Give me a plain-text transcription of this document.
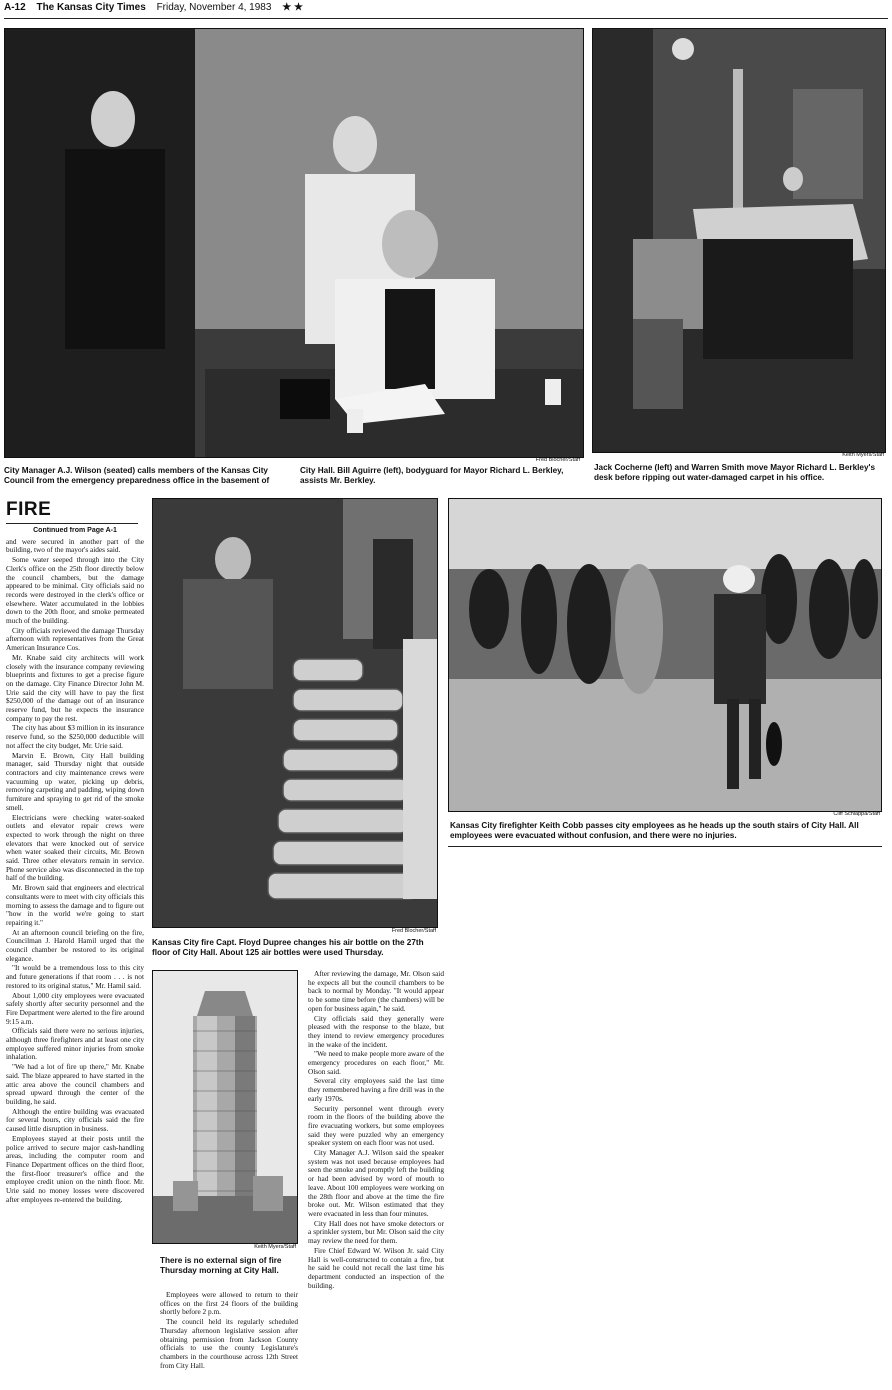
A-12 The Kansas City Times Friday, November 4, 1983 ★ ★
Fred Blocher/Staff
City Manager A.J. Wilson (seated) calls members of the Kansas City Council from the emergency preparedness office in the basement of
City Hall. Bill Aguirre (left), bodyguard for Mayor Richard L. Berkley, assists Mr. Berkley.
Keith Myers/Staff
Jack Cocherne (left) and Warren Smith move Mayor Richard L. Berkley's desk before ripping out water-damaged carpet in his office.
FIRE
Fred Blocher/Staff
Kansas City fire Capt. Floyd Dupree changes his air bottle on the 27th floor of City Hall. About 125 air bottles were used Thursday.
Cliff Schiappa/Staff
Kansas City firefighter Keith Cobb passes city employees as he heads up the south stairs of City Hall. All employees were evacuated without confusion, and there were no injuries.
Keith Myers/Staff
There is no external sign of fire Thursday morning at City Hall.
Continued from Page A-1

and were secured in another part of the building, two of the mayor's aides said.

Some water seeped through into the City Clerk's office on the 25th floor directly below the council chambers, but the damage appeared to be minimal. City officials said no records were destroyed in the clerk's office or elsewhere. Water accumulated in the lobbies down to the 20th floor, and smoke permeated much of the building.

City officials reviewed the damage Thursday afternoon with representatives from the Great American Insurance Cos.

Mr. Knabe said city architects will work closely with the insurance company reviewing blueprints and fixtures to get a precise figure on the damage. City Finance Director John M. Urie said the city will have to pay the first $250,000 of the damage out of an insurance reserve fund, but he expects the insurance company to pay the rest.

The city has about $3 million in its insurance reserve fund, so the $250,000 deductible will not affect the city budget, Mr. Urie said.

Marvin E. Brown, City Hall building manager, said Thursday night that outside contractors and city maintenance crews were vacuuming up water, picking up debris, removing carpeting and padding, wiping down furniture and spraying to get rid of the smoke smell.

Electricians were checking water-soaked outlets and elevator repair crews were expected to work through the night on three elevators that were knocked out of service when water soaked their circuits, Mr. Brown said. Three other elevators remain in service. Phone service also was disconnected in the top half of the building.

Mr. Brown said that engineers and electrical consultants were to meet with city officials this morning to assess the damage and to figure out "how in the world we're going to start repairing it."

At an afternoon council briefing on the fire, Councilman J. Harold Hamil urged that the council chamber be restored to its original elegance.

"It would be a tremendous loss to this city and future generations if that room . . . is not restored to its original status," Mr. Hamil said.

About 1,000 city employees were evacuated safely shortly after security personnel and the Fire Department were alerted to the fire around 9:15 a.m.

Officials said there were no serious injuries, although three firefighters and at least one city employee suffered minor injuries from smoke inhalation.

"We had a lot of fire up there," Mr. Knabe said. The blaze appeared to have started in the attic area above the council chambers and spread upward through the center of the building, he said.

Although the entire building was evacuated for several hours, city officials said the fire caused little disruption in business.

Employees stayed at their posts until the police arrived to secure major cash-handling areas, including the computer room and Finance Department offices on the third floor, the first-floor treasurer's office and the employee credit union on the ninth floor. Mr. Urie said no money losses were discovered after employees re-entered the building.

Employees were allowed to return to their offices on the first 24 floors of the building shortly before 2 p.m.

The council held its regularly scheduled Thursday afternoon legislative session after obtaining permission from Jackson County officials to use the county Legislature's chambers in the courthouse across 12th Street from City Hall.

After reviewing the damage, Mr. Olson said he expects all but the council chambers to be back to normal by Monday. "It would appear to be some time before (the chambers) will be open for business again," he said.

City officials said they generally were pleased with the response to the blaze, but they intend to review emergency procedures in the wake of the incident.

"We need to make people more aware of the emergency procedures on each floor," Mr. Olson said.

Several city employees said the last time they remembered having a fire drill was in the early 1970s.

Security personnel went through every room in the floors of the building above the fire evacuating workers, but some employees said they were puzzled why an emergency speaker system on each floor was not used.

City Manager A.J. Wilson said the speaker system was not used because employees had seen the smoke and promptly left the building or had been advised by word of mouth to leave. About 100 employees were working on the 28th floor and above at the time the fire broke out. Mr. Wilson estimated that they were evacuated in less than four minutes.

City Hall does not have smoke detectors or a sprinkler system, but Mr. Olson said the city may review the need for them.

Fire Chief Edward W. Wilson Jr. said City Hall is well-constructed to contain a fire, but he said he could not recall the last time his department conducted an inspection of the building.
